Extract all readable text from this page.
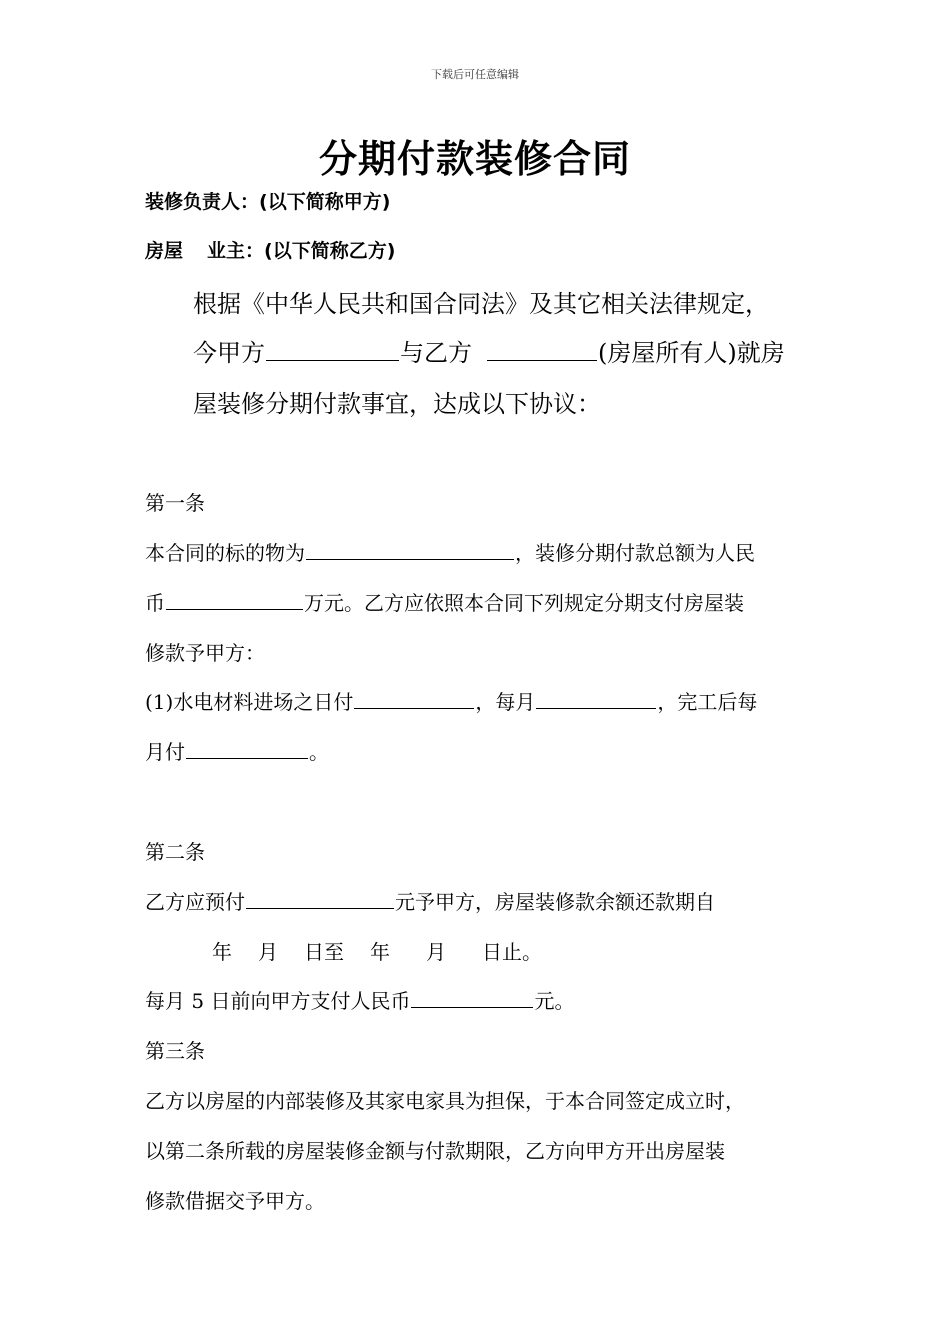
下载后可任意编辑
分期付款装修合同
装修负责人：(以下简称甲方)
房屋 业主：(以下简称乙方)
根据《中华人民共和国合同法》及其它相关法律规定，
今甲方	与乙方	(房屋所有人)就房
屋装修分期付款事宜，达成以下协议：
第一条
本合同的标的物为	，装修分期付款总额为人民
币	万元。乙方应依照本合同下列规定分期支付房屋装
修款予甲方：
(1)水电材料进场之日付	，每月	，完工后每
月付	。
第二条
乙方应预付	元予甲方，房屋装修款余额还款期自
年 月 日至 年 月 日止。
每月 5 日前向甲方支付人民币	元。
第三条
乙方以房屋的内部装修及其家电家具为担保，于本合同签定成立时，
以第二条所载的房屋装修金额与付款期限，乙方向甲方开出房屋装
修款借据交予甲方。
